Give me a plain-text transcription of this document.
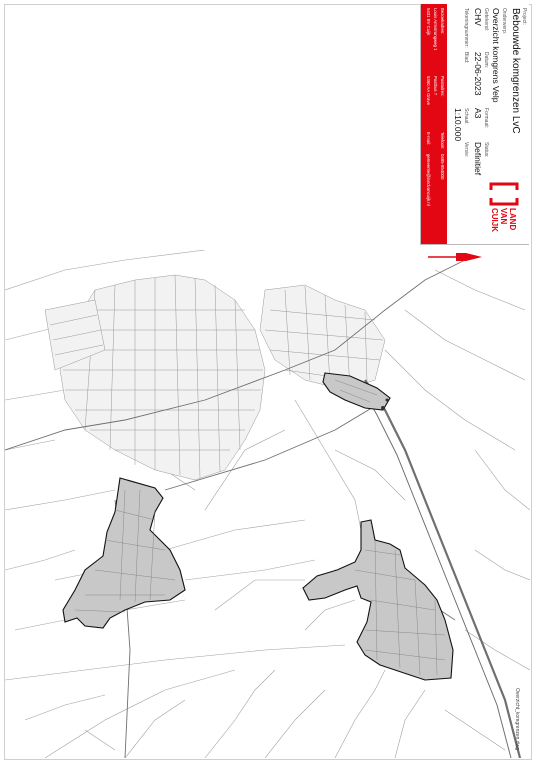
Project:
Bebouwde komgrenzen LvC
Onderwerp:
Overzicht komgrens Velp
Getekend:
CHV
Datum:
22-06-2023
Formaat:
A3
Status:
Definitief
Tekeningnummer:
Blad:
Schaal:
1:10.000
Versie:
LAND
VAN
CUIJK
Bezoekadres:
Louis Armstrongweg 1
5431 BV Cuijk
Postadres:
Postbus 7
5360 AA Grave
Telefoon:
0485-854000
E-mail:
gemeente@landvancuijk.nl
Overzicht_komgrenzen.dwg
